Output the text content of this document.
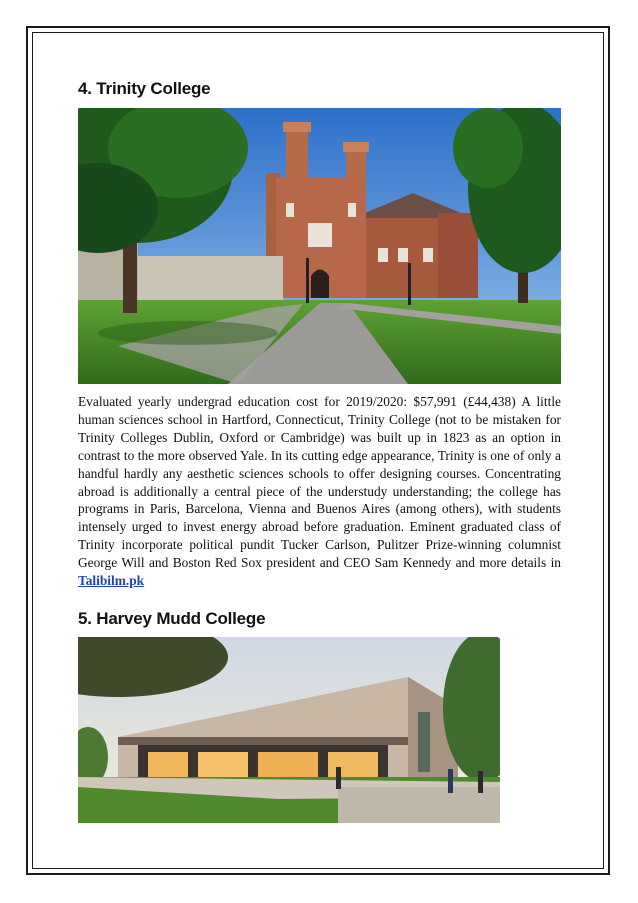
4. Trinity College

Evaluated yearly undergrad education cost for 2019/2020: $57,991 (£44,438) A little human sciences school in Hartford, Connecticut, Trinity College (not to be mistaken for Trinity Colleges Dublin, Oxford or Cambridge) was built up in 1823 as an option in contrast to the more observed Yale. In its cutting edge appearance, Trinity is one of only a handful hardly any aesthetic sciences schools to offer designing courses. Concentrating abroad is additionally a central piece of the understudy understanding; the college has programs in Paris, Barcelona, Vienna and Buenos Aires (among others), with students intensely urged to invest energy abroad before graduation. Eminent graduated class of Trinity incorporate political pundit Tucker Carlson, Pulitzer Prize-winning columnist George Will and Boston Red Sox president and CEO Sam Kennedy and more details in Talibilm.pk

5. Harvey Mudd College
